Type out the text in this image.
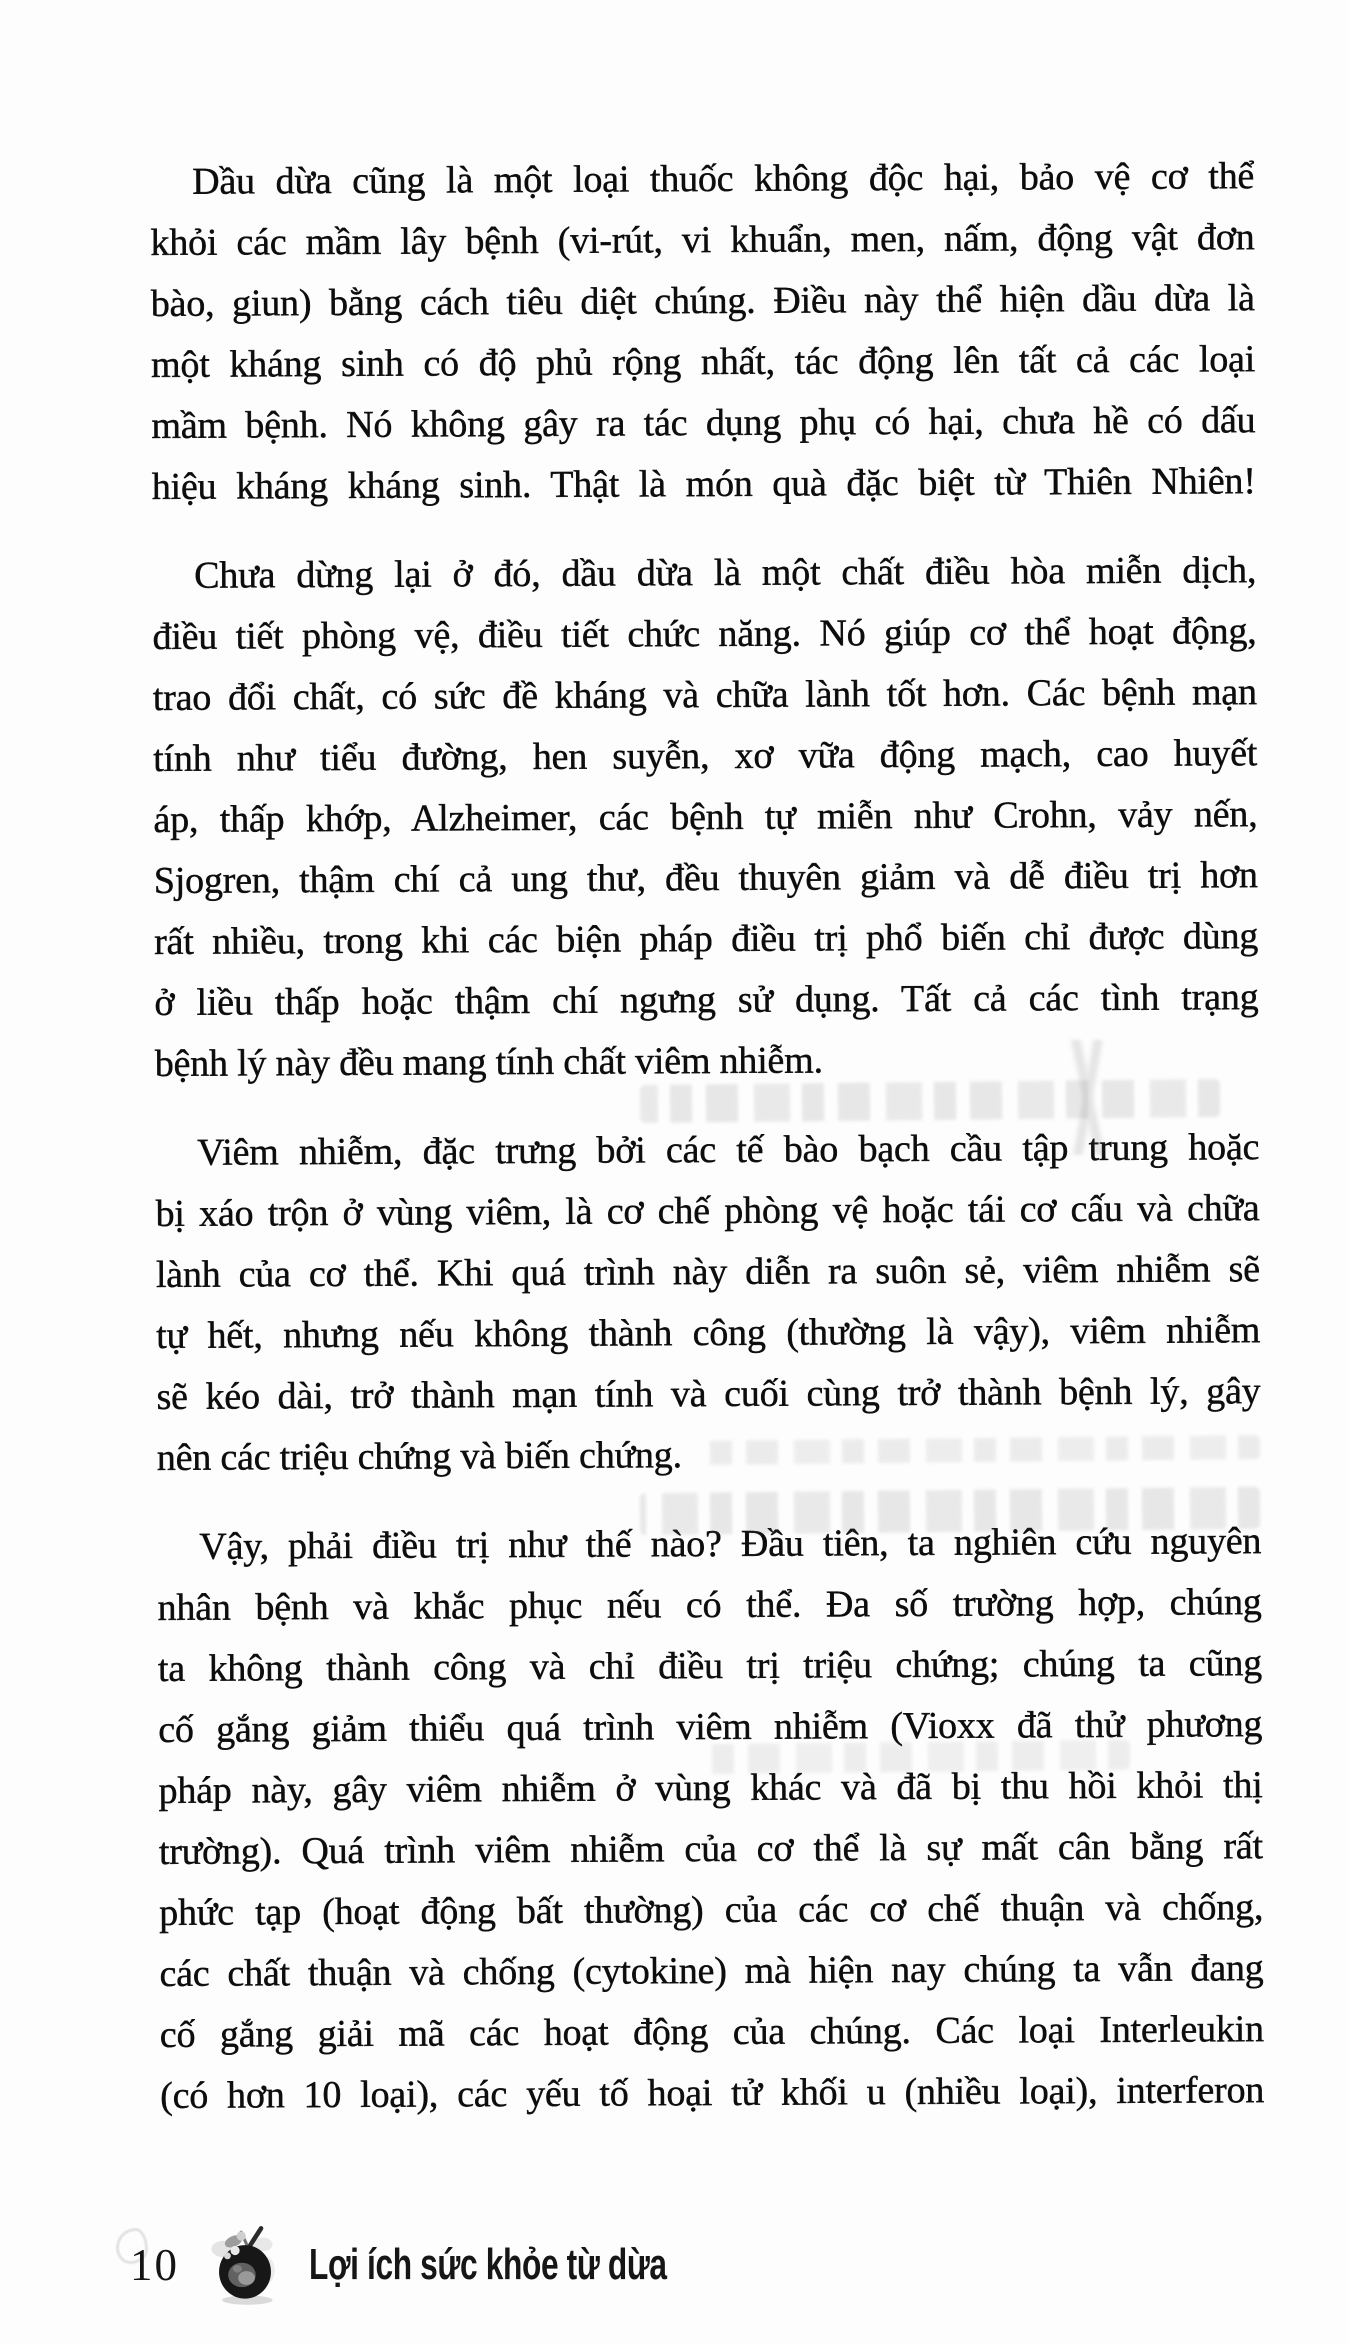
Dầu dừa cũng là một loại thuốc không độc hại, bảo vệ cơ thể
khỏi các mầm lây bệnh (vi-rút, vi khuẩn, men, nấm, động vật đơn
bào, giun) bằng cách tiêu diệt chúng. Điều này thể hiện dầu dừa là
một kháng sinh có độ phủ rộng nhất, tác động lên tất cả các loại
mầm bệnh. Nó không gây ra tác dụng phụ có hại, chưa hề có dấu
hiệu kháng kháng sinh. Thật là món quà đặc biệt từ Thiên Nhiên!
Chưa dừng lại ở đó, dầu dừa là một chất điều hòa miễn dịch,
điều tiết phòng vệ, điều tiết chức năng. Nó giúp cơ thể hoạt động,
trao đổi chất, có sức đề kháng và chữa lành tốt hơn. Các bệnh mạn
tính như tiểu đường, hen suyễn, xơ vữa động mạch, cao huyết
áp, thấp khớp, Alzheimer, các bệnh tự miễn như Crohn, vảy nến,
Sjogren, thậm chí cả ung thư, đều thuyên giảm và dễ điều trị hơn
rất nhiều, trong khi các biện pháp điều trị phổ biến chỉ được dùng
ở liều thấp hoặc thậm chí ngưng sử dụng. Tất cả các tình trạng
bệnh lý này đều mang tính chất viêm nhiễm.
Viêm nhiễm, đặc trưng bởi các tế bào bạch cầu tập trung hoặc
bị xáo trộn ở vùng viêm, là cơ chế phòng vệ hoặc tái cơ cấu và chữa
lành của cơ thể. Khi quá trình này diễn ra suôn sẻ, viêm nhiễm sẽ
tự hết, nhưng nếu không thành công (thường là vậy), viêm nhiễm
sẽ kéo dài, trở thành mạn tính và cuối cùng trở thành bệnh lý, gây
nên các triệu chứng và biến chứng.
Vậy, phải điều trị như thế nào? Đầu tiên, ta nghiên cứu nguyên
nhân bệnh và khắc phục nếu có thể. Đa số trường hợp, chúng
ta không thành công và chỉ điều trị triệu chứng; chúng ta cũng
cố gắng giảm thiểu quá trình viêm nhiễm (Vioxx đã thử phương
pháp này, gây viêm nhiễm ở vùng khác và đã bị thu hồi khỏi thị
trường). Quá trình viêm nhiễm của cơ thể là sự mất cân bằng rất
phức tạp (hoạt động bất thường) của các cơ chế thuận và chống,
các chất thuận và chống (cytokine) mà hiện nay chúng ta vẫn đang
cố gắng giải mã các hoạt động của chúng. Các loại Interleukin
(có hơn 10 loại), các yếu tố hoại tử khối u (nhiều loại), interferon
10	Lợi ích sức khỏe từ dừa
